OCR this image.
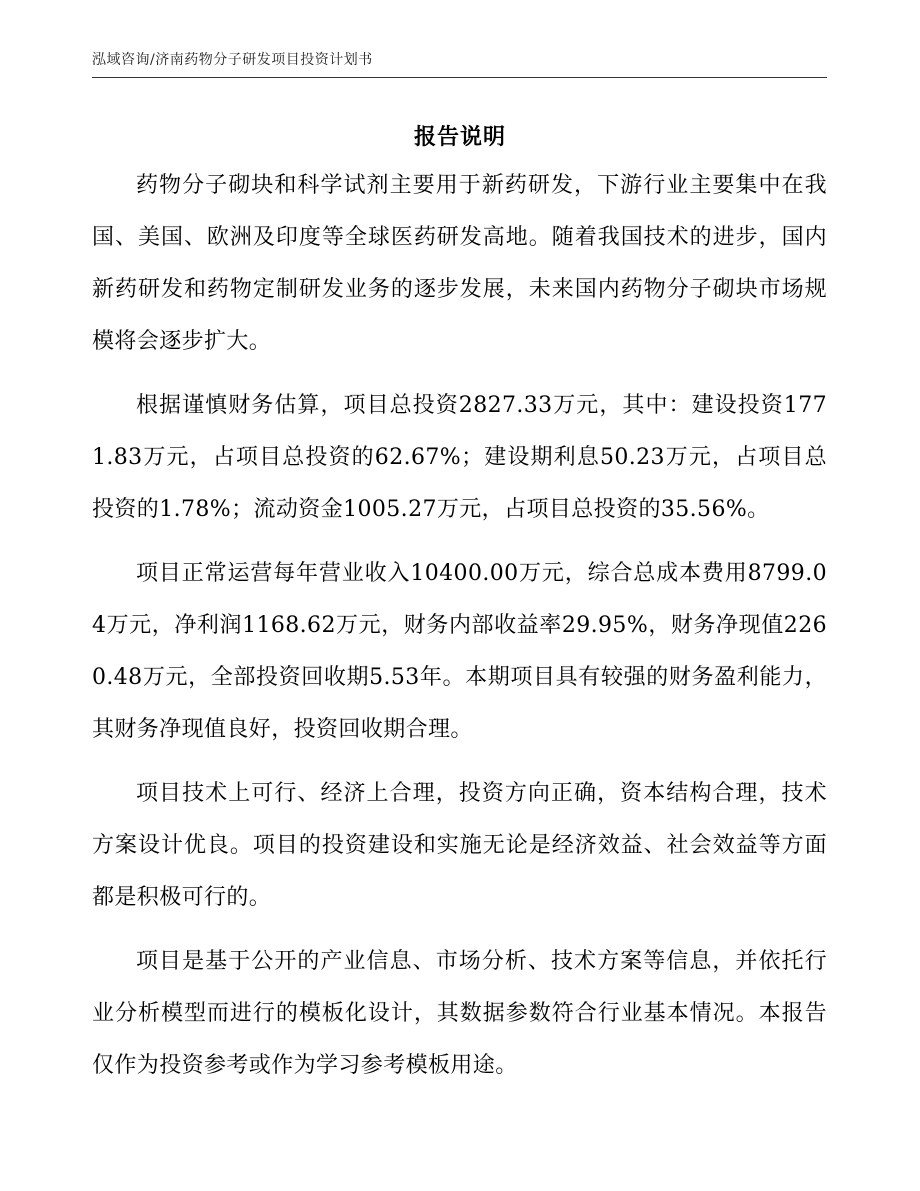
泓域咨询/济南药物分子研发项目投资计划书
报告说明

药物分子砌块和科学试剂主要用于新药研发，下游行业主要集中在我国、美国、欧洲及印度等全球医药研发高地。随着我国技术的进步，国内新药研发和药物定制研发业务的逐步发展，未来国内药物分子砌块市场规模将会逐步扩大。

根据谨慎财务估算，项目总投资2827.33万元，其中：建设投资1771.83万元，占项目总投资的62.67%；建设期利息50.23万元，占项目总投资的1.78%；流动资金1005.27万元，占项目总投资的35.56%。

项目正常运营每年营业收入10400.00万元，综合总成本费用8799.04万元，净利润1168.62万元，财务内部收益率29.95%，财务净现值2260.48万元，全部投资回收期5.53年。本期项目具有较强的财务盈利能力，其财务净现值良好，投资回收期合理。

项目技术上可行、经济上合理，投资方向正确，资本结构合理，技术方案设计优良。项目的投资建设和实施无论是经济效益、社会效益等方面都是积极可行的。

项目是基于公开的产业信息、市场分析、技术方案等信息，并依托行业分析模型而进行的模板化设计，其数据参数符合行业基本情况。本报告仅作为投资参考或作为学习参考模板用途。
